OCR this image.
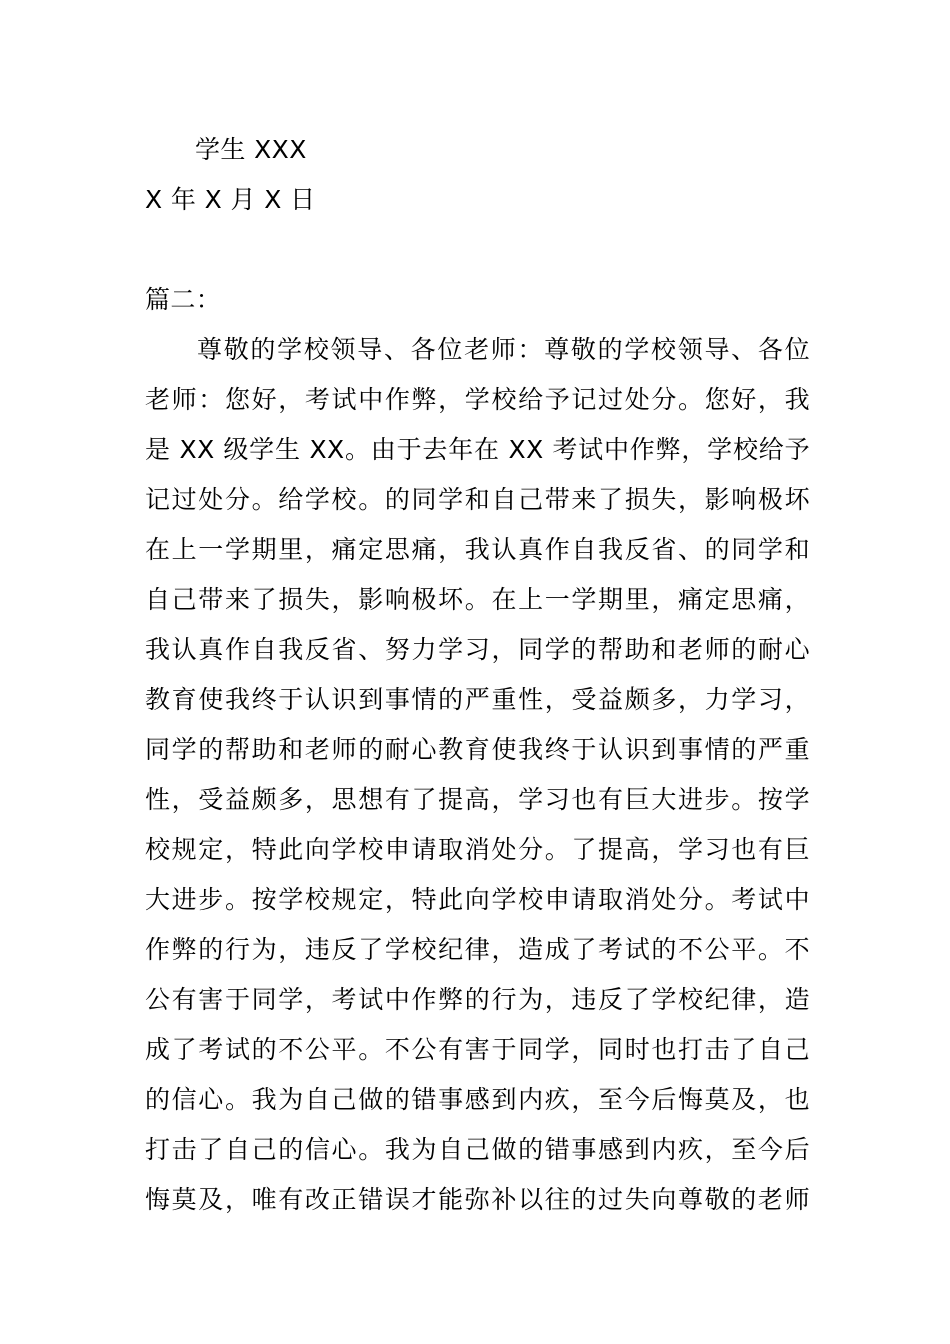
学生 XXX
X 年 X 月 X 日
篇二：
尊敬的学校领导、各位老师：尊敬的学校领导、各位
老师：您好，考试中作弊，学校给予记过处分。您好，我
是 XX 级学生 XX。由于去年在 XX 考试中作弊，学校给予
记过处分。给学校。的同学和自己带来了损失，影响极坏
在上一学期里，痛定思痛，我认真作自我反省、的同学和
自己带来了损失，影响极坏。在上一学期里，痛定思痛，
我认真作自我反省、努力学习，同学的帮助和老师的耐心
教育使我终于认识到事情的严重性，受益颇多，力学习，
同学的帮助和老师的耐心教育使我终于认识到事情的严重
性，受益颇多，思想有了提高，学习也有巨大进步。按学
校规定，特此向学校申请取消处分。了提高，学习也有巨
大进步。按学校规定，特此向学校申请取消处分。考试中
作弊的行为，违反了学校纪律，造成了考试的不公平。不
公有害于同学，考试中作弊的行为，违反了学校纪律，造
成了考试的不公平。不公有害于同学，同时也打击了自己
的信心。我为自己做的错事感到内疚，至今后悔莫及，也
打击了自己的信心。我为自己做的错事感到内疚，至今后
悔莫及，唯有改正错误才能弥补以往的过失向尊敬的老师
